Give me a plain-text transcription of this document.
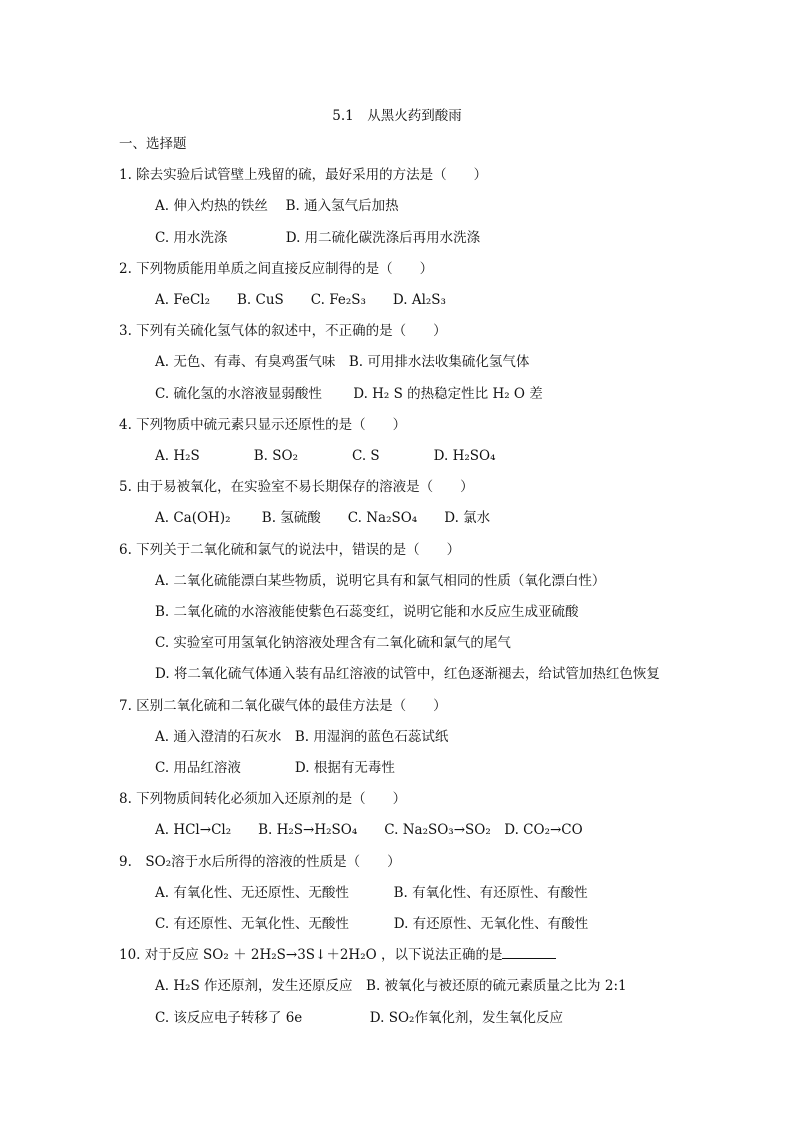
5.1　从黑火药到酸雨
一、选择题
1. 除去实验后试管壁上残留的硫，最好采用的方法是（　　）
A. 伸入灼热的铁丝　 B. 通入氢气后加热
C. 用水洗涤　　　　 D. 用二硫化碳洗涤后再用水洗涤
2. 下列物质能用单质之间直接反应制得的是（　　）
A. FeCl₂　　B. CuS　　C. Fe₂S₃　　D. Al₂S₃
3. 下列有关硫化氢气体的叙述中，不正确的是（　　）
A. 无色、有毒、有臭鸡蛋气味　B. 可用排水法收集硫化氢气体
C. 硫化氢的水溶液显弱酸性　　 D. H₂ S 的热稳定性比 H₂ O 差
4. 下列物质中硫元素只显示还原性的是（　　）
A. H₂S　　　　B. SO₂　　　　C. S　　　　D. H₂SO₄
5. 由于易被氧化，在实验室不易长期保存的溶液是（　　）
A. Ca(OH)₂　　 B. 氢硫酸　　C. Na₂SO₄　　D. 氯水
6. 下列关于二氧化硫和氯气的说法中，错误的是（　　）
A. 二氧化硫能漂白某些物质，说明它具有和氯气相同的性质（氧化漂白性）
B. 二氧化硫的水溶液能使紫色石蕊变红，说明它能和水反应生成亚硫酸
C. 实验室可用氢氧化钠溶液处理含有二氧化硫和氯气的尾气
D. 将二氧化硫气体通入装有品红溶液的试管中，红色逐渐褪去，给试管加热红色恢复
7. 区别二氧化硫和二氧化碳气体的最佳方法是（　　）
A. 通入澄清的石灰水　B. 用湿润的蓝色石蕊试纸
C. 用品红溶液　　　　D. 根据有无毒性
8. 下列物质间转化必须加入还原剂的是（　　）
A. HCl→Cl₂　　B. H₂S→H₂SO₄　　C. Na₂SO₃→SO₂　D. CO₂→CO
9.　SO₂溶于水后所得的溶液的性质是（　　）
A. 有氧化性、无还原性、无酸性　　　 B. 有氧化性、有还原性、有酸性
C. 有还原性、无氧化性、无酸性　　　 D. 有还原性、无氧化性、有酸性
10. 对于反应 SO₂ ＋ 2H₂S→3S↓＋2H₂O ，以下说法正确的是
A. H₂S 作还原剂，发生还原反应　B. 被氧化与被还原的硫元素质量之比为 2:1
C. 该反应电子转移了 6e　　　　　D. SO₂作氧化剂，发生氧化反应
